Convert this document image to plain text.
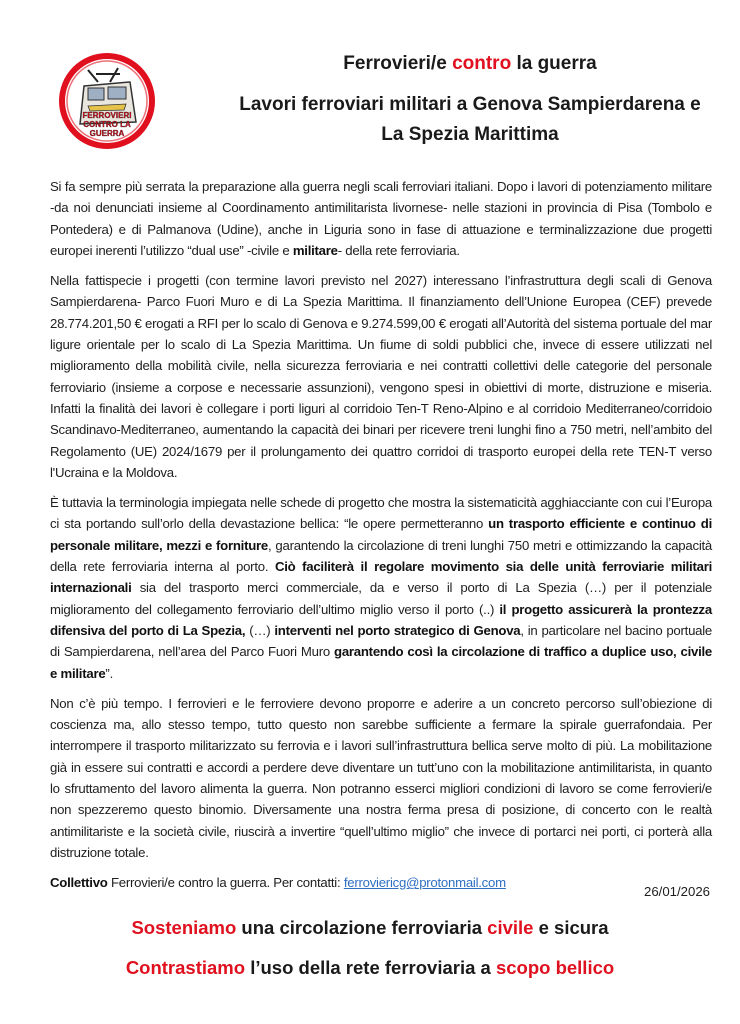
FERROVIERI
CONTRO LA
GUERRA

Ferrovieri/e contro la guerra

Lavori ferroviari militari a Genova Sampierdarena e La Spezia Marittima

Si fa sempre più serrata la preparazione alla guerra negli scali ferroviari italiani. Dopo i lavori di potenziamento militare -da noi denunciati insieme al Coordinamento antimilitarista livornese- nelle stazioni in provincia di Pisa (Tombolo e Pontedera) e di Palmanova (Udine), anche in Liguria sono in fase di attuazione e terminalizzazione due progetti europei inerenti l’utilizzo “dual use” -civile e militare- della rete ferroviaria.

Nella fattispecie i progetti (con termine lavori previsto nel 2027) interessano l’infrastruttura degli scali di Genova Sampierdarena- Parco Fuori Muro e di La Spezia Marittima. Il finanziamento dell’Unione Europea (CEF) prevede 28.774.201,50 € erogati a RFI per lo scalo di Genova e 9.274.599,00 € erogati all’Autorità del sistema portuale del mar ligure orientale per lo scalo di La Spezia Marittima. Un fiume di soldi pubblici che, invece di essere utilizzati nel miglioramento della mobilità civile, nella sicurezza ferroviaria e nei contratti collettivi delle categorie del personale ferroviario (insieme a corpose e necessarie assunzioni), vengono spesi in obiettivi di morte, distruzione e miseria. Infatti la finalità dei lavori è collegare i porti liguri al corridoio Ten-T Reno-Alpino e al corridoio Mediterraneo/corridoio Scandinavo-Mediterraneo, aumentando la capacità dei binari per ricevere treni lunghi fino a 750 metri, nell’ambito del Regolamento (UE) 2024/1679 per il prolungamento dei quattro corridoi di trasporto europei della rete TEN-T verso l'Ucraina e la Moldova.

È tuttavia la terminologia impiegata nelle schede di progetto che mostra la sistematicità agghiacciante con cui l’Europa ci sta portando sull’orlo della devastazione bellica: “le opere permetteranno un trasporto efficiente e continuo di personale militare, mezzi e forniture, garantendo la circolazione di treni lunghi 750 metri e ottimizzando la capacità della rete ferroviaria interna al porto. Ciò faciliterà il regolare movimento sia delle unità ferroviarie militari internazionali sia del trasporto merci commerciale, da e verso il porto di La Spezia (…) per il potenziale miglioramento del collegamento ferroviario dell’ultimo miglio verso il porto (..) il progetto assicurerà la prontezza difensiva del porto di La Spezia, (…) interventi nel porto strategico di Genova, in particolare nel bacino portuale di Sampierdarena, nell’area del Parco Fuori Muro garantendo così la circolazione di traffico a duplice uso, civile e militare”.

Non c’è più tempo. I ferrovieri e le ferroviere devono proporre e aderire a un concreto percorso sull’obiezione di coscienza ma, allo stesso tempo, tutto questo non sarebbe sufficiente a fermare la spirale guerrafondaia. Per interrompere il trasporto militarizzato su ferrovia e i lavori sull’infrastruttura bellica serve molto di più. La mobilitazione già in essere sui contratti e accordi a perdere deve diventare un tutt’uno con la mobilitazione antimilitarista, in quanto lo sfruttamento del lavoro alimenta la guerra. Non potranno esserci migliori condizioni di lavoro se come ferrovieri/e non spezzeremo questo binomio. Diversamente una nostra ferma presa di posizione, di concerto con le realtà antimilitariste e la società civile, riuscirà a invertire “quell’ultimo miglio” che invece di portarci nei porti, ci porterà alla distruzione totale.

Collettivo Ferrovieri/e contro la guerra. Per contatti: ferroviericg@protonmail.com

26/01/2026

Sosteniamo una circolazione ferroviaria civile e sicura

Contrastiamo l’uso della rete ferroviaria a scopo bellico
